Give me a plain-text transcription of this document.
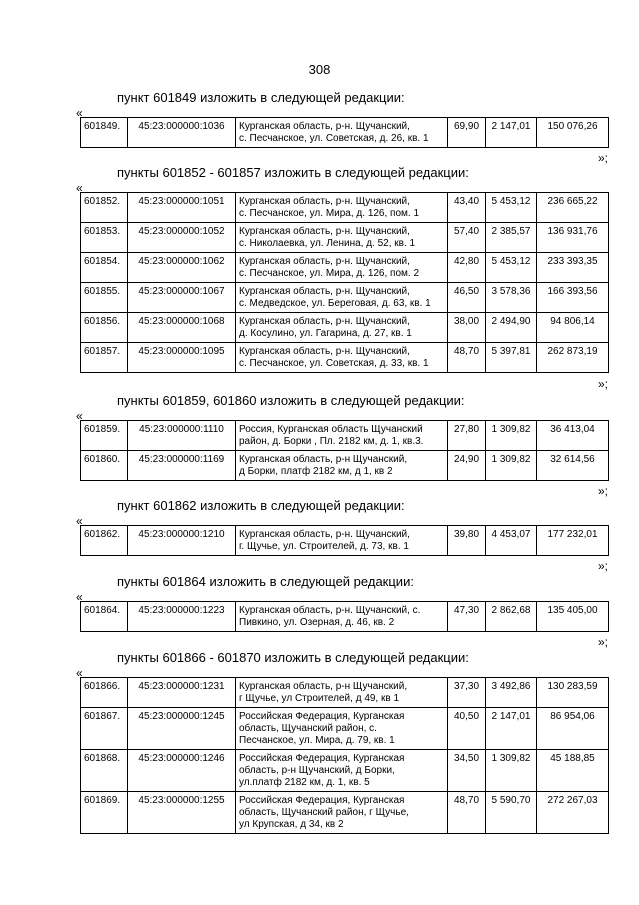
308
пункт 601849 изложить в следующей редакции:
«
601849.	45:23:000000:1036	Курганская область, р-н. Щучанский,
с. Песчанское, ул. Советская, д. 26, кв. 1
	69,90	2 147,01	150 076,26
»;
пункты 601852 - 601857 изложить в следующей редакции:
«
601852.	45:23:000000:1051	Курганская область, р-н. Щучанский,
с. Песчанское, ул. Мира, д. 126, пом. 1	43,40	5 453,12	236 665,22
601853.	45:23:000000:1052	Курганская область, р-н. Щучанский,
с. Николаевка, ул. Ленина, д. 52, кв. 1	57,40	2 385,57	136 931,76
601854.	45:23:000000:1062	Курганская область, р-н. Щучанский,
с. Песчанское, ул. Мира, д. 126, пом. 2	42,80	5 453,12	233 393,35
601855.	45:23:000000:1067	Курганская область, р-н. Щучанский,
с. Медведское, ул. Береговая, д. 63, кв. 1	46,50	3 578,36	166 393,56
601856.	45:23:000000:1068	Курганская область, р-н. Щучанский,
д. Косулино, ул. Гагарина, д. 27, кв. 1	38,00	2 494,90	94 806,14
601857.	45:23:000000:1095	Курганская область, р-н. Щучанский,
с. Песчанское, ул. Советская, д. 33, кв. 1	48,70	5 397,81	262 873,19
»;
пункты 601859, 601860 изложить в следующей редакции:
«
601859.	45:23:000000:1110	Россия, Курганская область Щучанский
район, д. Борки , Пл. 2182 км, д. 1, кв.3.	27,80	1 309,82	36 413,04
601860.	45:23:000000:1169	Курганская область, р-н Щучанский,
д Борки, платф 2182 км, д 1, кв 2	24,90	1 309,82	32 614,56
»;
пункт 601862 изложить в следующей редакции:
«
601862.	45:23:000000:1210	Курганская область, р-н. Щучанский,
г. Щучье, ул. Строителей, д. 73, кв. 1
	39,80	4 453,07	177 232,01
»;
пункты 601864 изложить в следующей редакции:
«
601864.	45:23:000000:1223	Курганская область, р-н. Щучанский, с.
Пивкино, ул. Озерная, д. 46, кв. 2
	47,30	2 862,68	135 405,00
»;
пункты 601866 - 601870 изложить в следующей редакции:
«
601866.	45:23:000000:1231	Курганская область, р-н Щучанский,
г Щучье, ул Строителей, д 49, кв 1	37,30	3 492,86	130 283,59
601867.	45:23:000000:1245	Российская Федерация, Курганская
область, Щучанский район, с.
Песчанское, ул. Мира, д. 79, кв. 1	40,50	2 147,01	86 954,06
601868.	45:23:000000:1246	Российская Федерация, Курганская
область, р-н Щучанский, д Борки,
ул.платф 2182 км, д. 1, кв. 5	34,50	1 309,82	45 188,85
601869.	45:23:000000:1255	Российская Федерация, Курганская
область, Щучанский район, г Щучье,
ул Крупская, д 34, кв 2	48,70	5 590,70	272 267,03
